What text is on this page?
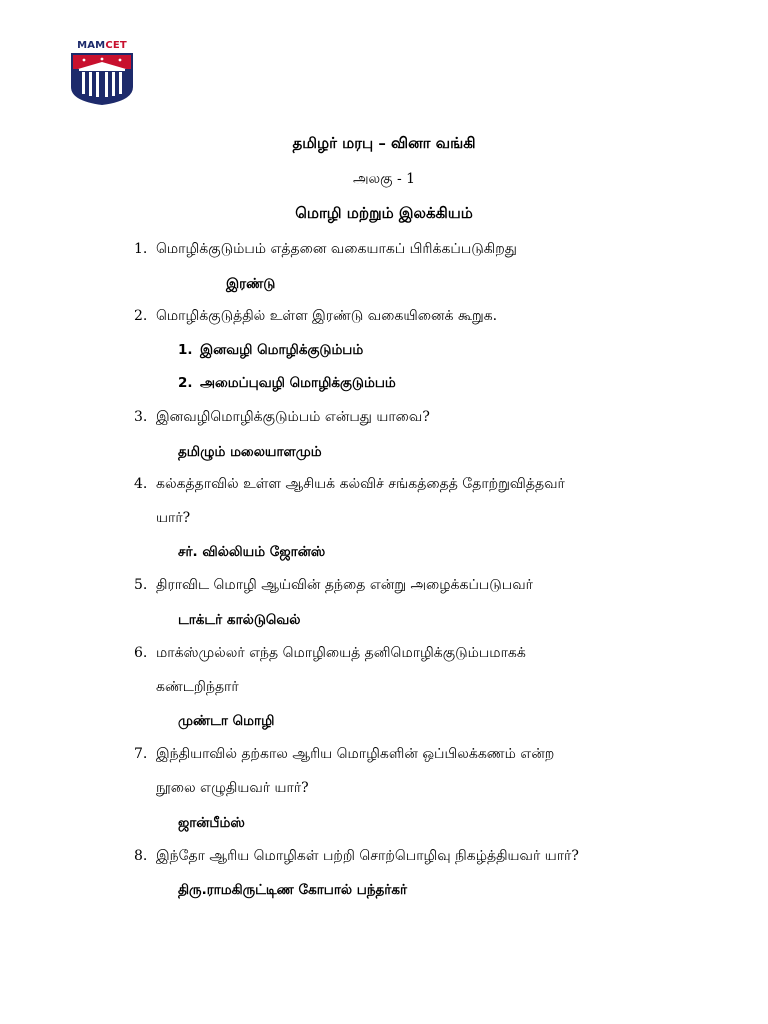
MAMCET
தமிழர் மரபு – வினா வங்கி
அலகு - 1
மொழி மற்றும் இலக்கியம்
1. மொழிக்குடும்பம் எத்தனை வகையாகப் பிரிக்கப்படுகிறது
இரண்டு
2. மொழிக்குடுத்தில் உள்ள இரண்டு வகையினைக் கூறுக.
1. இனவழி மொழிக்குடும்பம்
2. அமைப்புவழி மொழிக்குடும்பம்
3. இனவழிமொழிக்குடும்பம் என்பது யாவை?
தமிழும் மலையாளமும்
4. கல்கத்தாவில் உள்ள ஆசியக் கல்விச் சங்கத்தைத் தோற்றுவித்தவர்
யார்?
சர். வில்லியம் ஜோன்ஸ்
5. திராவிட மொழி ஆய்வின் தந்தை என்று அழைக்கப்படுபவர்
டாக்டர் கால்டுவெல்
6. மாக்ஸ்முல்லர் எந்த மொழியைத் தனிமொழிக்குடும்பமாகக்
கண்டறிந்தார்
முண்டா மொழி
7. இந்தியாவில் தற்கால ஆரிய மொழிகளின் ஒப்பிலக்கணம் என்ற
நூலை எழுதியவர் யார்?
ஜான்பீம்ஸ்
8. இந்தோ ஆரிய மொழிகள் பற்றி சொற்பொழிவு நிகழ்த்தியவர் யார்?
திரு.ராமகிருட்டிண கோபால் பந்தர்கர்
